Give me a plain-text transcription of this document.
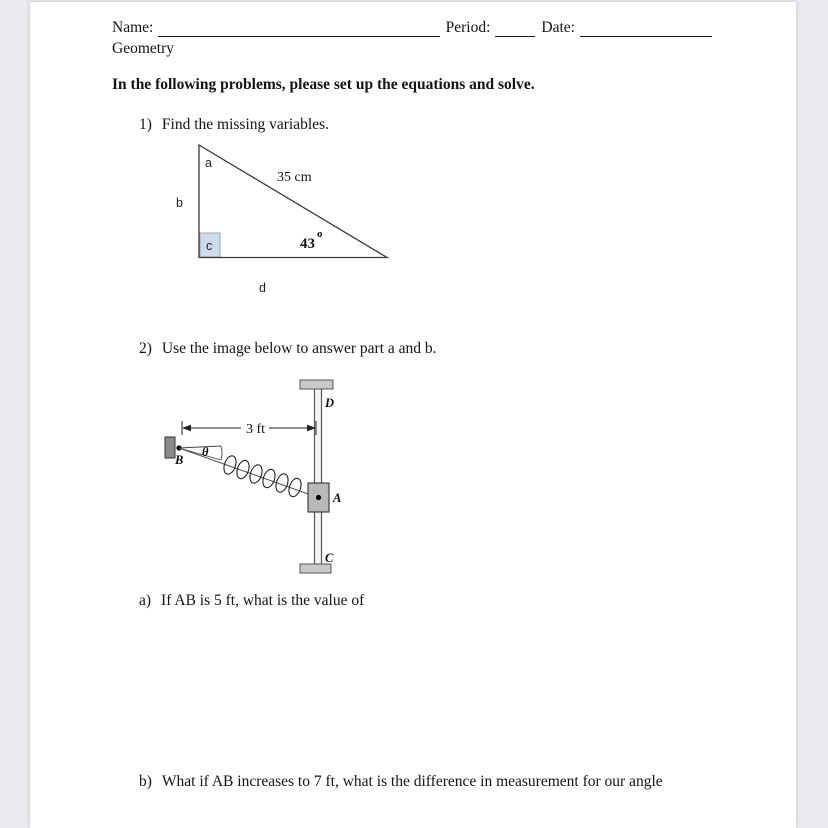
Name:	Period:	Date:
Geometry

In the following problems, please set up the equations and solve.

1) Find the missing variables.
a
b
c
35 cm
43
o
d
2) Use the image below to answer part a and b.
3 ft
θ
D
B
A
C
a) If AB is 5 ft, what is the value of
b) What if AB increases to 7 ft, what is the difference in measurement for our angle
